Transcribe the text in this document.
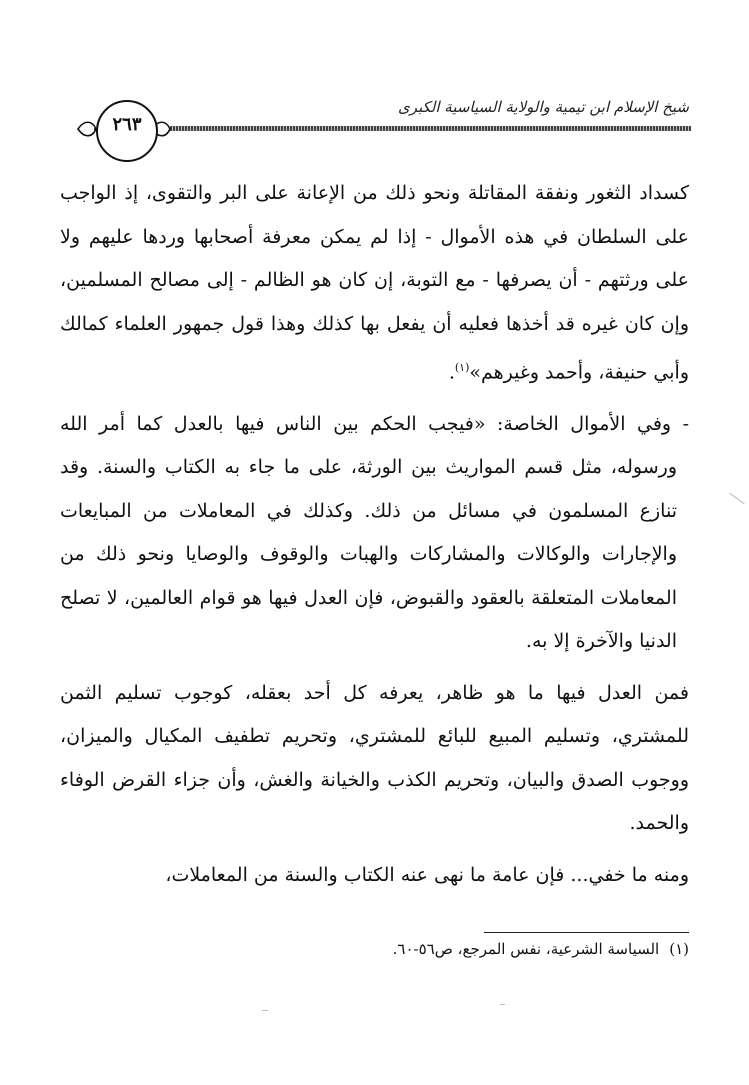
شيخ الإسلام ابن تيمية والولاية السياسية الكبرى
٢٦٣

كسداد الثغور ونفقة المقاتلة ونحو ذلك من الإعانة على البر والتقوى، إذ الواجب على السلطان في هذه الأموال - إذا لم يمكن معرفة أصحابها وردها عليهم ولا على ورثتهم - أن يصرفها - مع التوبة، إن كان هو الظالم - إلى مصالح المسلمين، وإن كان غيره قد أخذها فعليه أن يفعل بها كذلك وهذا قول جمهور العلماء كمالك وأبي حنيفة، وأحمد وغيرهم»$^{(١)}$.

- وفي الأموال الخاصة: «فيجب الحكم بين الناس فيها بالعدل كما أمر الله ورسوله، مثل قسم المواريث بين الورثة، على ما جاء به الكتاب والسنة. وقد تنازع المسلمون في مسائل من ذلك. وكذلك في المعاملات من المبايعات والإجارات والوكالات والمشاركات والهبات والوقوف والوصايا ونحو ذلك من المعاملات المتعلقة بالعقود والقبوض، فإن العدل فيها هو قوام العالمين، لا تصلح الدنيا والآخرة إلا به.

فمن العدل فيها ما هو ظاهر، يعرفه كل أحد بعقله، كوجوب تسليم الثمن للمشتري، وتسليم المبيع للبائع للمشتري، وتحريم تطفيف المكيال والميزان، ووجوب الصدق والبيان، وتحريم الكذب والخيانة والغش، وأن جزاء القرض الوفاء والحمد.

ومنه ما خفي... فإن عامة ما نهى عنه الكتاب والسنة من المعاملات،

(١)السياسة الشرعية، نفس المرجع، ص٥٦-٦٠.
